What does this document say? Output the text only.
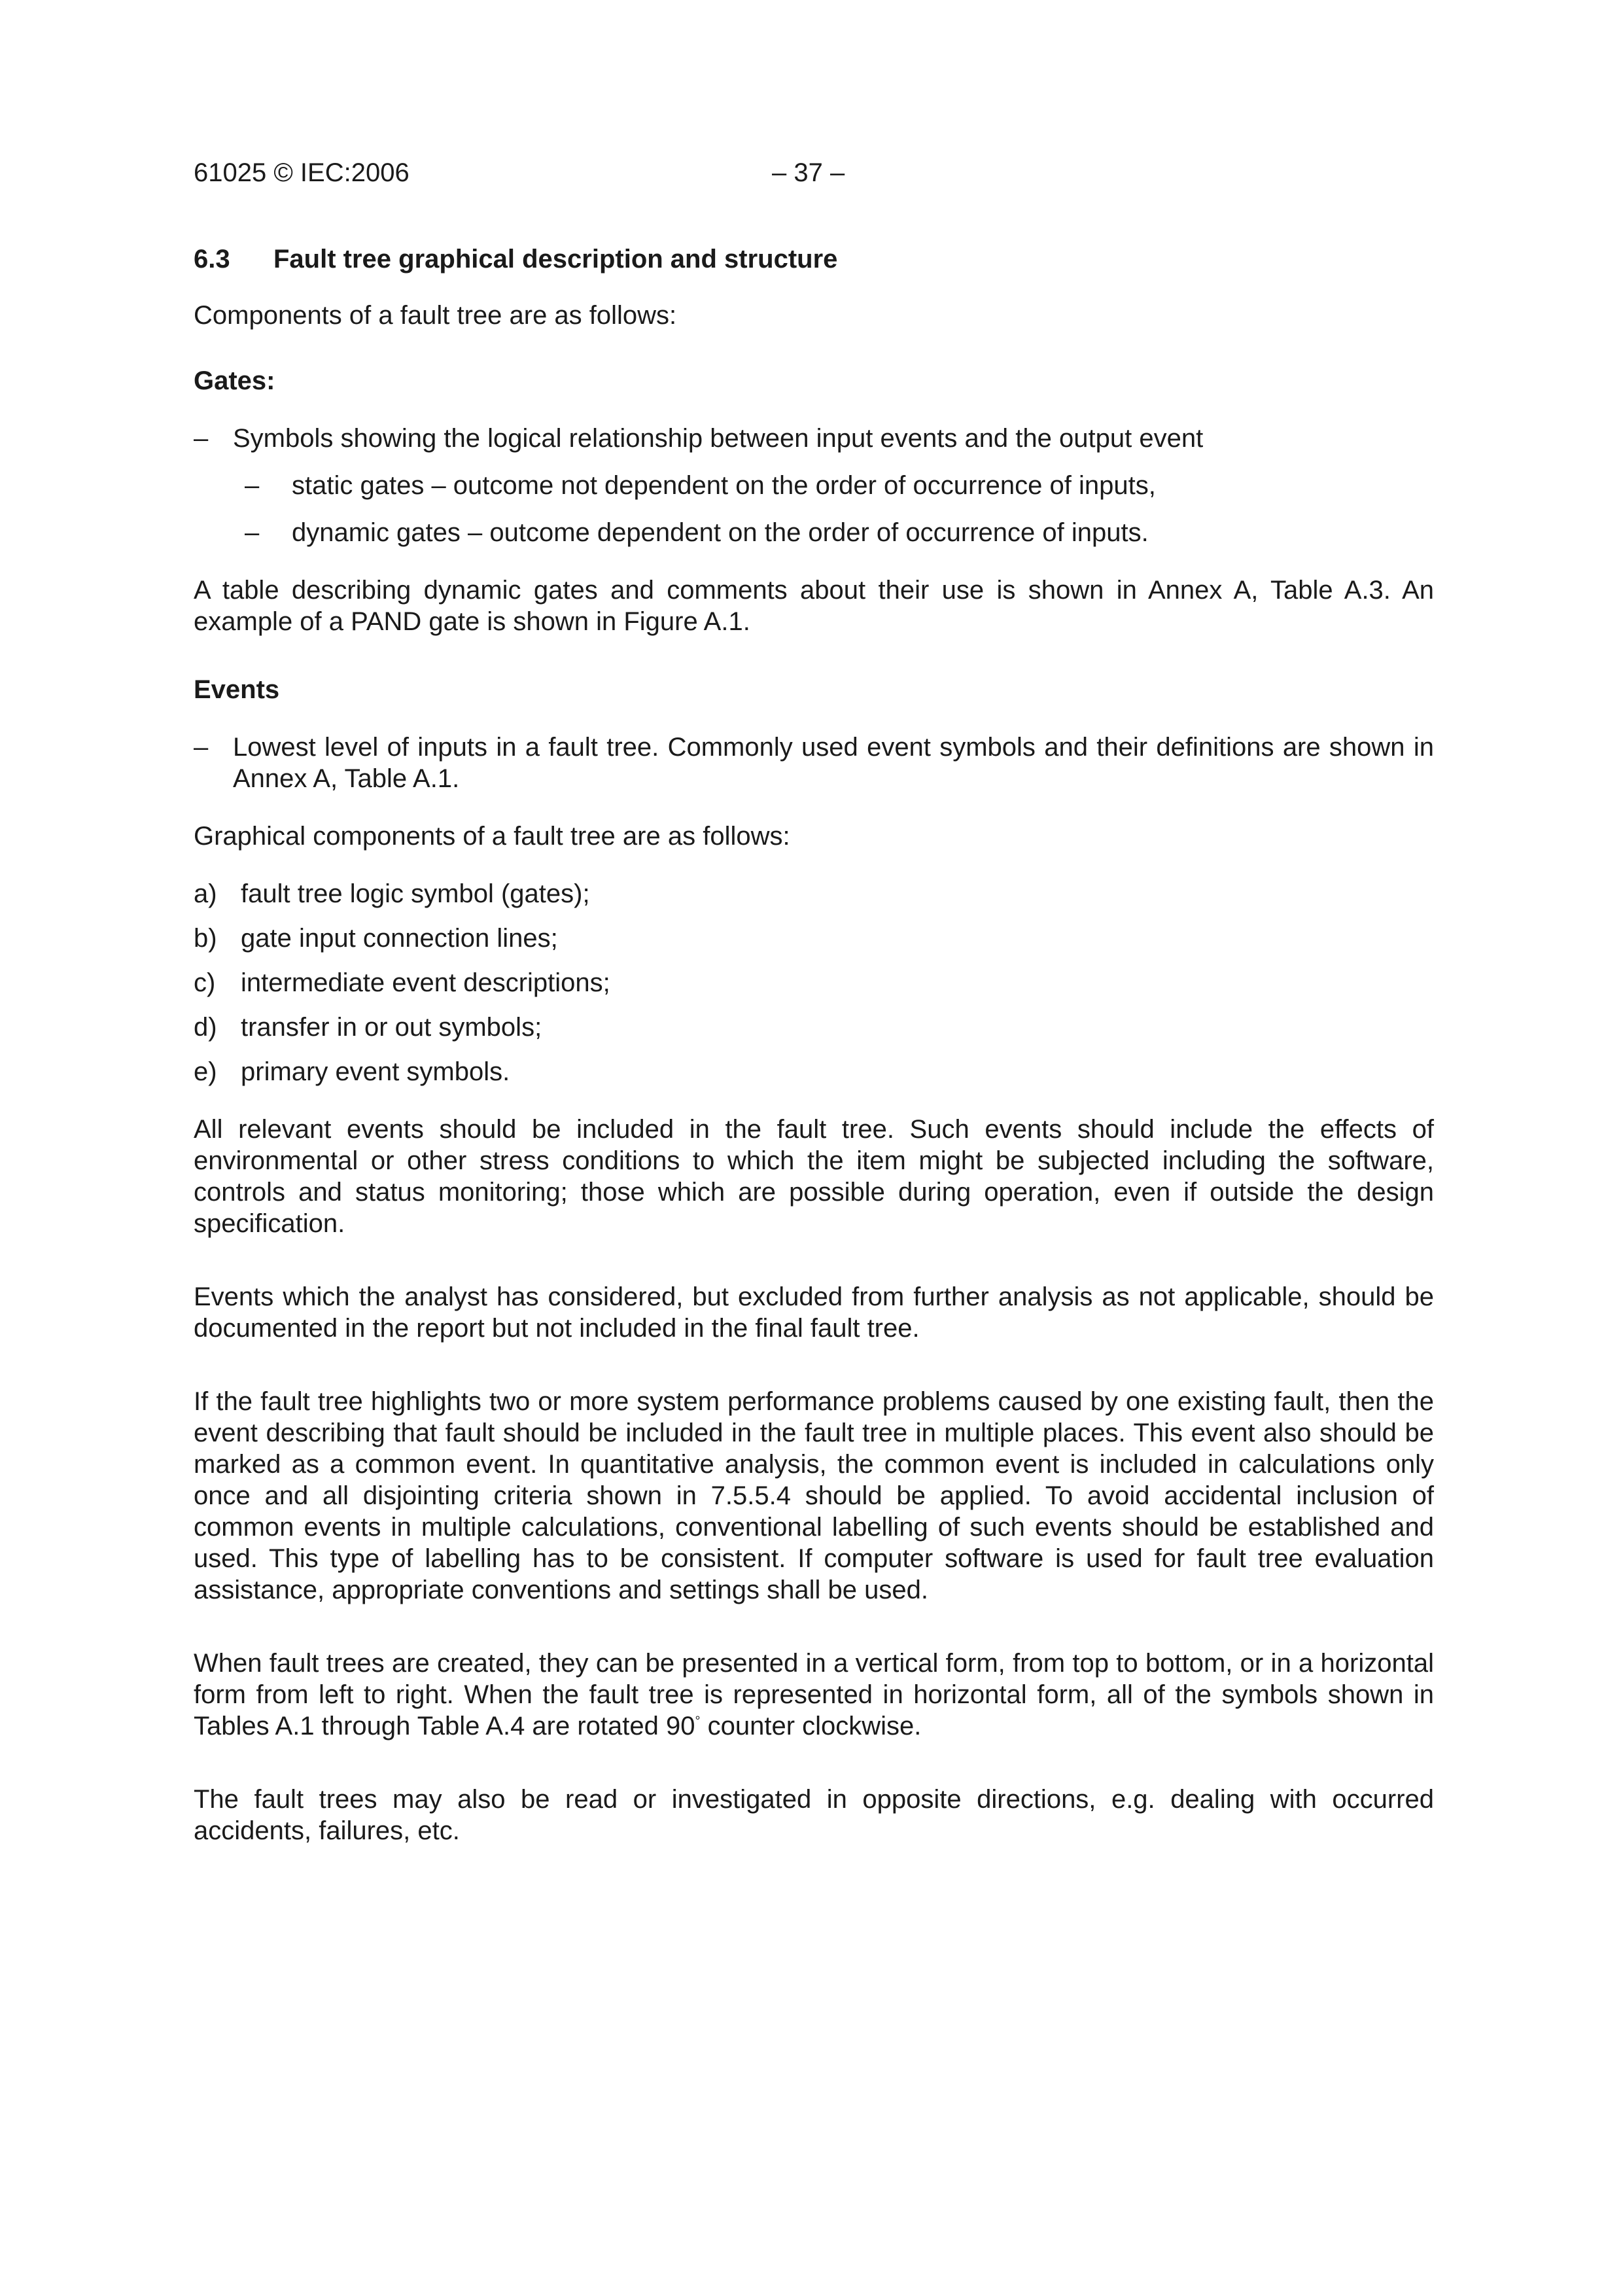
61025 © IEC:2006	– 37 –
6.3 Fault tree graphical description and structure

Components of a fault tree are as follows:

Gates:

– Symbols showing the logical relationship between input events and the output event
– static gates – outcome not dependent on the order of occurrence of inputs,
– dynamic gates – outcome dependent on the order of occurrence of inputs.

A table describing dynamic gates and comments about their use is shown in Annex A, Table A.3. An example of a PAND gate is shown in Figure A.1.

Events

– Lowest level of inputs in a fault tree. Commonly used event symbols and their definitions are shown in Annex A, Table A.1.

Graphical components of a fault tree are as follows:

a) fault tree logic symbol (gates);
b) gate input connection lines;
c) intermediate event descriptions;
d) transfer in or out symbols;
e) primary event symbols.

All relevant events should be included in the fault tree. Such events should include the effects of environmental or other stress conditions to which the item might be subjected including the software, controls and status monitoring; those which are possible during operation, even if outside the design specification.

Events which the analyst has considered, but excluded from further analysis as not applicable, should be documented in the report but not included in the final fault tree.

If the fault tree highlights two or more system performance problems caused by one existing fault, then the event describing that fault should be included in the fault tree in multiple places. This event also should be marked as a common event. In quantitative analysis, the common event is included in calculations only once and all disjointing criteria shown in 7.5.5.4 should be applied. To avoid accidental inclusion of common events in multiple calculations, conventional labelling of such events should be established and used. This type of labelling has to be consistent. If computer software is used for fault tree evaluation assistance, appropriate conventions and settings shall be used.

When fault trees are created, they can be presented in a vertical form, from top to bottom, or in a horizontal form from left to right. When the fault tree is represented in horizontal form, all of the symbols shown in Tables A.1 through Table A.4 are rotated 90° counter clockwise.

The fault trees may also be read or investigated in opposite directions, e.g. dealing with occurred accidents, failures, etc.
